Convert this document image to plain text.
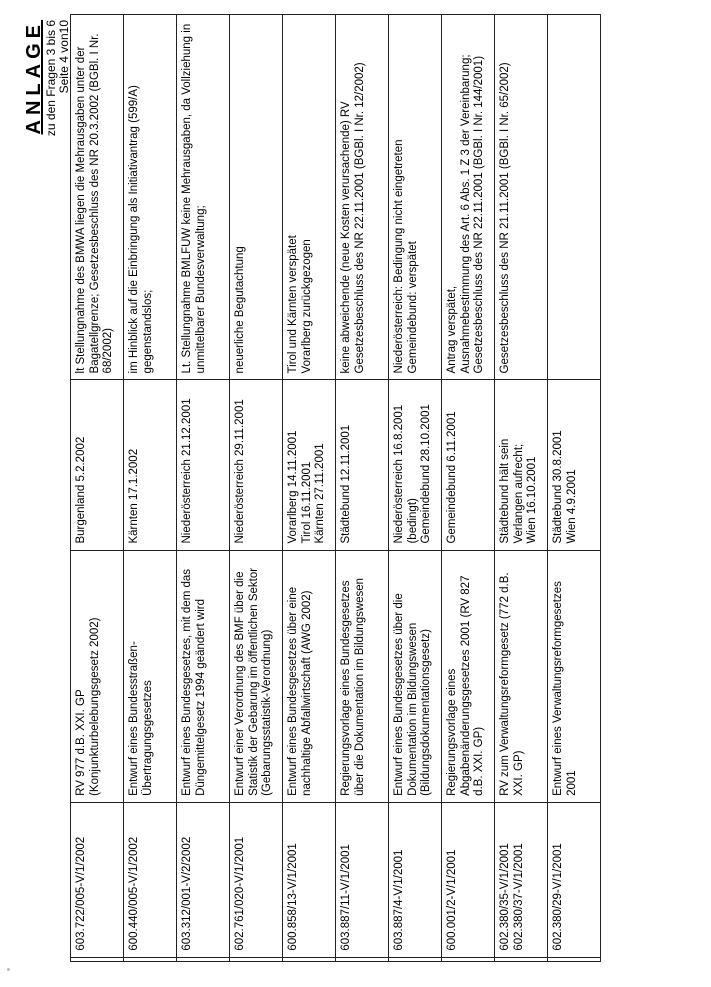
ANLAGE zu den Fragen 3 bis 6 Seite 4 von10
	603.722/005-V/1/2002	RV 977 d.B. XXI. GP
(Konjunkturbelebungsgesetz 2002)	Burgenland 5.2.2002	lt Stellungnahme des BMWA liegen die Mehrausgaben unter der Bagatellgrenze; Gesetzesbeschluss des NR 20.3.2002 (BGBl. I Nr. 68/2002)
	600.440/005-V/1/2002	Entwurf eines Bundesstraßen-Übertragungsgesetzes	Kärnten 17.1.2002	im Hinblick auf die Einbringung als Initiativantrag (599/A) gegenstandslos;
	603.312/001-V/2/2002	Entwurf eines Bundesgesetzes, mit dem das Düngemittelgesetz 1994 geändert wird	Niederösterreich 21.12.2001	Lt. Stellungnahme BMLFUW keine Mehrausgaben, da Vollziehung in unmittelbarer Bundesverwaltung;
	602.761/020-V/1/2001	Entwurf einer Verordnung des BMF über die Statistik der Gebarung im öffentlichen Sektor (Gebarungsstatistik-Verordnung)	Niederösterreich 29.11.2001	neuerliche Begutachtung
	600.858/13-V/1/2001	Entwurf eines Bundesgesetzes über eine nachhaltige Abfallwirtschaft (AWG 2002)	Vorarlberg 14.11.2001
Tirol 16.11.2001
Kärnten 27.11.2001	Tirol und Kärnten verspätet
Vorarlberg zurückgezogen
	603.887/11-V/1/2001	Regierungsvorlage eines Bundesgesetzes über die Dokumentation im Bildungswesen	Städtebund 12.11.2001	keine abweichende (neue Kosten verursachende) RV
Gesetzesbeschluss des NR 22.11.2001 (BGBl. I Nr. 12/2002)
	603.887/4-V/1/2001	Entwurf eines Bundesgesetzes über die Dokumentation im Bildungswesen (Bildungsdokumentationsgesetz)	Niederösterreich 16.8.2001 (bedingt)
Gemeindebund 28.10.2001	Niederösterreich: Bedingung nicht eingetreten
Gemeindebund: verspätet
	600.001/2-V/1/2001	Regierungsvorlage eines Abgabenänderungsgesetzes 2001 (RV 827 d.B. XXI. GP)	Gemeindebund 6.11.2001	Antrag verspätet,
Ausnahmebestimmung des Art. 6 Abs. 1 Z 3 der Vereinbarung;
Gesetzesbeschluss des NR 22.11.2001 (BGBl. I Nr. 144/2001)
	602.380/35-V/1/2001
602.380/37-V/1/2001	RV zum Verwaltungsreformgesetz (772 d.B. XXI. GP)	Städtebund hält sein Verlangen aufrecht;
Wien 16.10.2001	Gesetzesbeschluss des NR 21.11.2001 (BGBl. I Nr. 65/2002)
	602.380/29-V/1/2001	Entwurf eines Verwaltungsreformgesetzes 2001	Städtebund 30.8.2001
Wien 4.9.2001	
